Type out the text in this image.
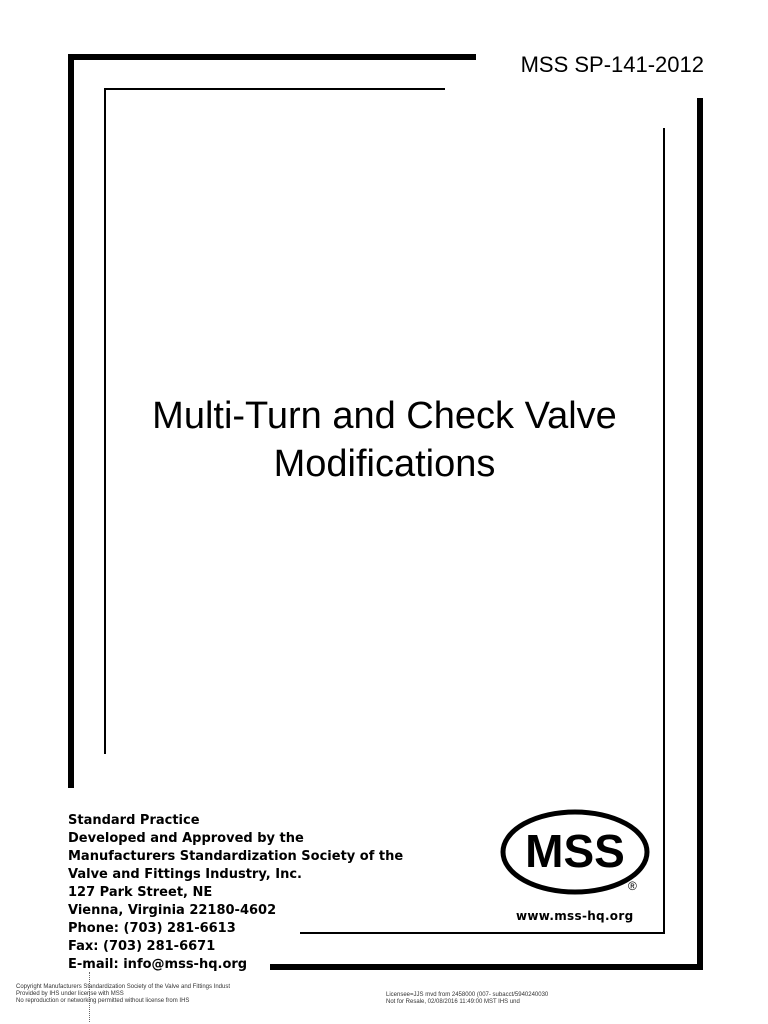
MSS SP-141-2012
Multi-Turn and Check Valve
Modifications
Standard Practice
Developed and Approved by the
Manufacturers Standardization Society of the
Valve and Fittings Industry, Inc.
127 Park Street, NE
Vienna, Virginia 22180-4602
Phone: (703) 281-6613
Fax: (703) 281-6671
E-mail: info@mss-hq.org
MSS
®
www.mss-hq.org
Copyright Manufacturers Standardization Society of the Valve and Fittings Indust
Provided by IHS under license with MSS
No reproduction or networking permitted without license from IHS
Licensee=JJS mvd from 2458000 (007- subacct/5940240030
Not for Resale, 02/08/2016 11:49:00 MST IHS und
